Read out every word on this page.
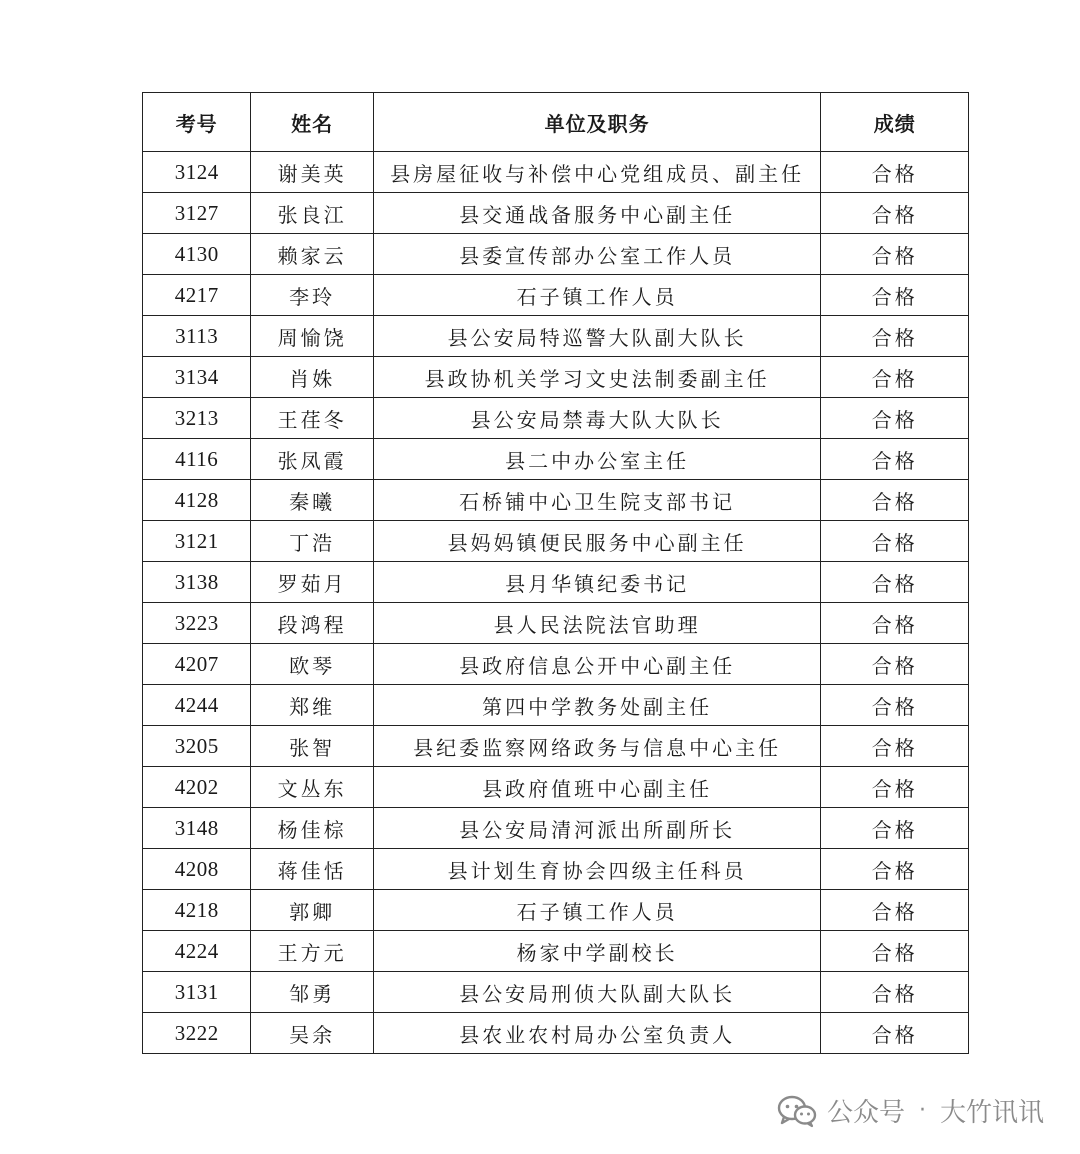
考号	姓名	单位及职务	成绩
3124	谢美英	县房屋征收与补偿中心党组成员、副主任	合格
3127	张良江	县交通战备服务中心副主任	合格
4130	赖家云	县委宣传部办公室工作人员	合格
4217	李玲	石子镇工作人员	合格
3113	周愉饶	县公安局特巡警大队副大队长	合格
3134	肖姝	县政协机关学习文史法制委副主任	合格
3213	王荏冬	县公安局禁毒大队大队长	合格
4116	张凤霞	县二中办公室主任	合格
4128	秦曦	石桥铺中心卫生院支部书记	合格
3121	丁浩	县妈妈镇便民服务中心副主任	合格
3138	罗茹月	县月华镇纪委书记	合格
3223	段鸿程	县人民法院法官助理	合格
4207	欧琴	县政府信息公开中心副主任	合格
4244	郑维	第四中学教务处副主任	合格
3205	张智	县纪委监察网络政务与信息中心主任	合格
4202	文丛东	县政府值班中心副主任	合格
3148	杨佳棕	县公安局清河派出所副所长	合格
4208	蒋佳恬	县计划生育协会四级主任科员	合格
4218	郭卿	石子镇工作人员	合格
4224	王方元	杨家中学副校长	合格
3131	邹勇	县公安局刑侦大队副大队长	合格
3222	吴余	县农业农村局办公室负责人	合格
公众号 · 大竹讯讯
